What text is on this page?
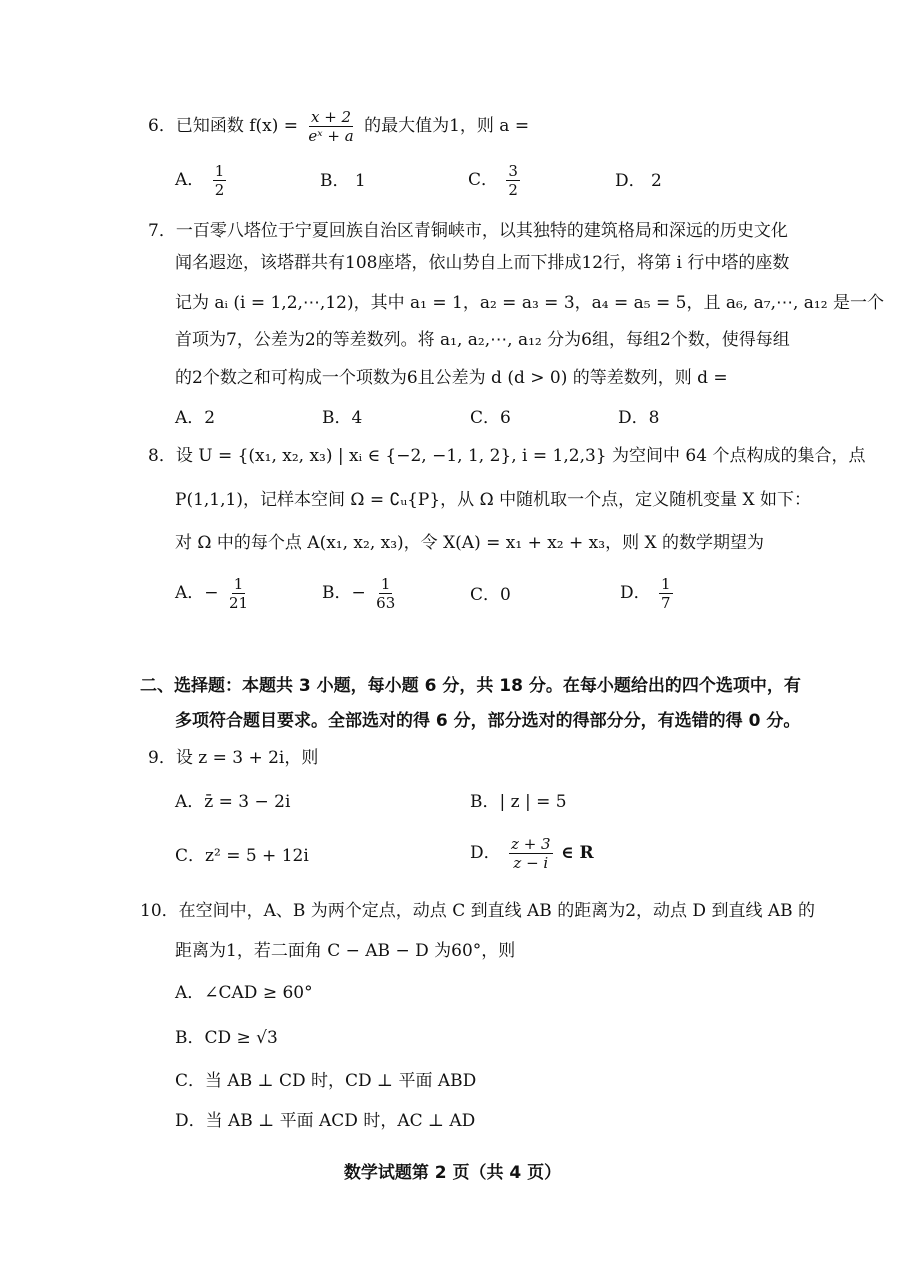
6．已知函数 $f(x) = \frac{x + 2}{\text{eˣ + a}}$ 的最大值为1，则 a =
A． $\frac{1}{2}$	B． 1	C． $\frac{3}{2}$	D． 2
7．一百零八塔位于宁夏回族自治区青铜峡市，以其独特的建筑格局和深远的历史文化
闻名遐迩，该塔群共有108座塔，依山势自上而下排成12行，将第 i 行中塔的座数
记为 aᵢ (i = 1,2,⋯,12)，其中 a₁ = 1，a₂ = a₃ = 3，a₄ = a₅ = 5，且 a₆, a₇,⋯, a₁₂ 是一个
首项为7，公差为2的等差数列。将 a₁, a₂,⋯, a₁₂ 分为6组，每组2个数，使得每组
的2个数之和可构成一个项数为6且公差为 d (d > 0) 的等差数列，则 d =
A．2	B．4	C．6	D．8
8．设 U = {(x₁, x₂, x₃) | xᵢ ∈ {−2, −1, 1, 2}, i = 1,2,3} 为空间中 64 个点构成的集合，点
P(1,1,1)，记样本空间 Ω = ∁ᵤ{P}，从 Ω 中随机取一个点，定义随机变量 X 如下：
对 Ω 中的每个点 A(x₁, x₂, x₃)，令 X(A) = x₁ + x₂ + x₃，则 X 的数学期望为
A．− $\frac{1}{21}$	B．− $\frac{1}{63}$	C．0	D． $\frac{1}{7}$
二、选择题：本题共 3 小题，每小题 6 分，共 18 分。在每小题给出的四个选项中，有
多项符合题目要求。全部选对的得 6 分，部分选对的得部分分，有选错的得 0 分。
9．设 z = 3 + 2i，则
A．z̄ = 3 − 2i	B．| z | = 5
C．z² = 5 + 12i	D． $\frac{z + 3}{z - i}$ ∈ R
10．在空间中，A、B 为两个定点，动点 C 到直线 AB 的距离为2，动点 D 到直线 AB 的
距离为1，若二面角 C − AB − D 为60°，则
A．∠CAD ≥ 60°
B．CD ≥ √3
C．当 AB ⊥ CD 时，CD ⊥ 平面 ABD
D．当 AB ⊥ 平面 ACD 时，AC ⊥ AD
数学试题第 2 页（共 4 页）
